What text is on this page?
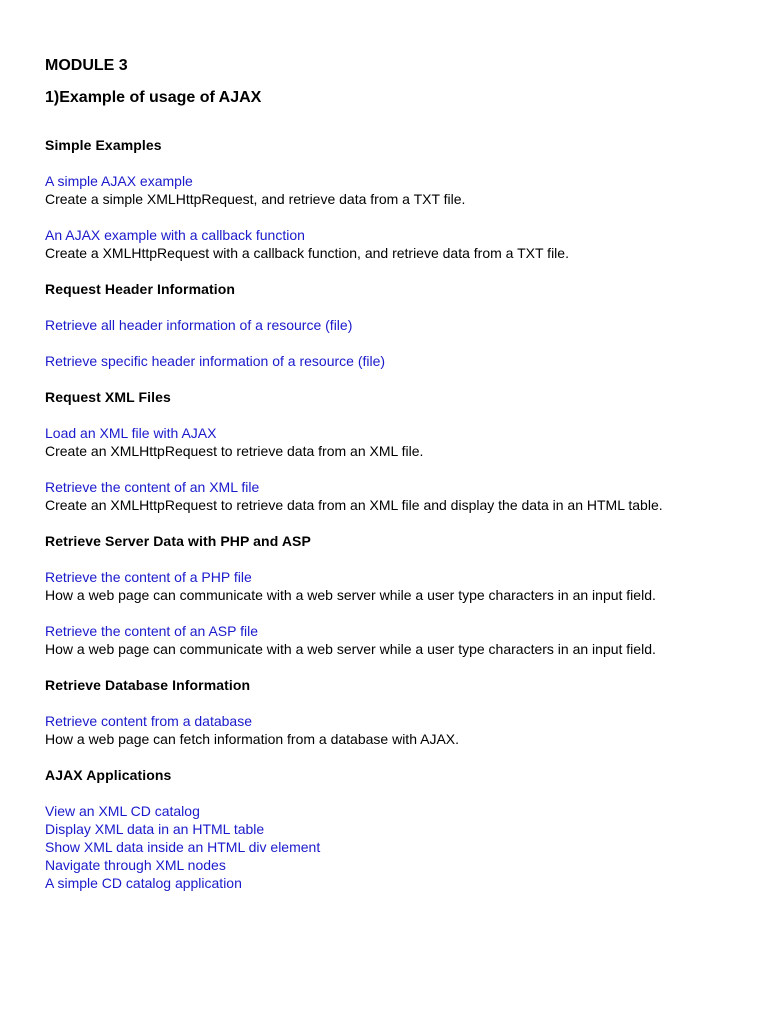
MODULE 3
1)Example of usage of AJAX
Simple Examples
A simple AJAX example
Create a simple XMLHttpRequest, and retrieve data from a TXT file.
An AJAX example with a callback function
Create a XMLHttpRequest with a callback function, and retrieve data from a TXT file.
Request Header Information
Retrieve all header information of a resource (file)
Retrieve specific header information of a resource (file)
Request XML Files
Load an XML file with AJAX
Create an XMLHttpRequest to retrieve data from an XML file.
Retrieve the content of an XML file
Create an XMLHttpRequest to retrieve data from an XML file and display the data in an HTML table.
Retrieve Server Data with PHP and ASP
Retrieve the content of a PHP file
How a web page can communicate with a web server while a user type characters in an input field.
Retrieve the content of an ASP file
How a web page can communicate with a web server while a user type characters in an input field.
Retrieve Database Information
Retrieve content from a database
How a web page can fetch information from a database with AJAX.
AJAX Applications
View an XML CD catalog
Display XML data in an HTML table
Show XML data inside an HTML div element
Navigate through XML nodes
A simple CD catalog application
